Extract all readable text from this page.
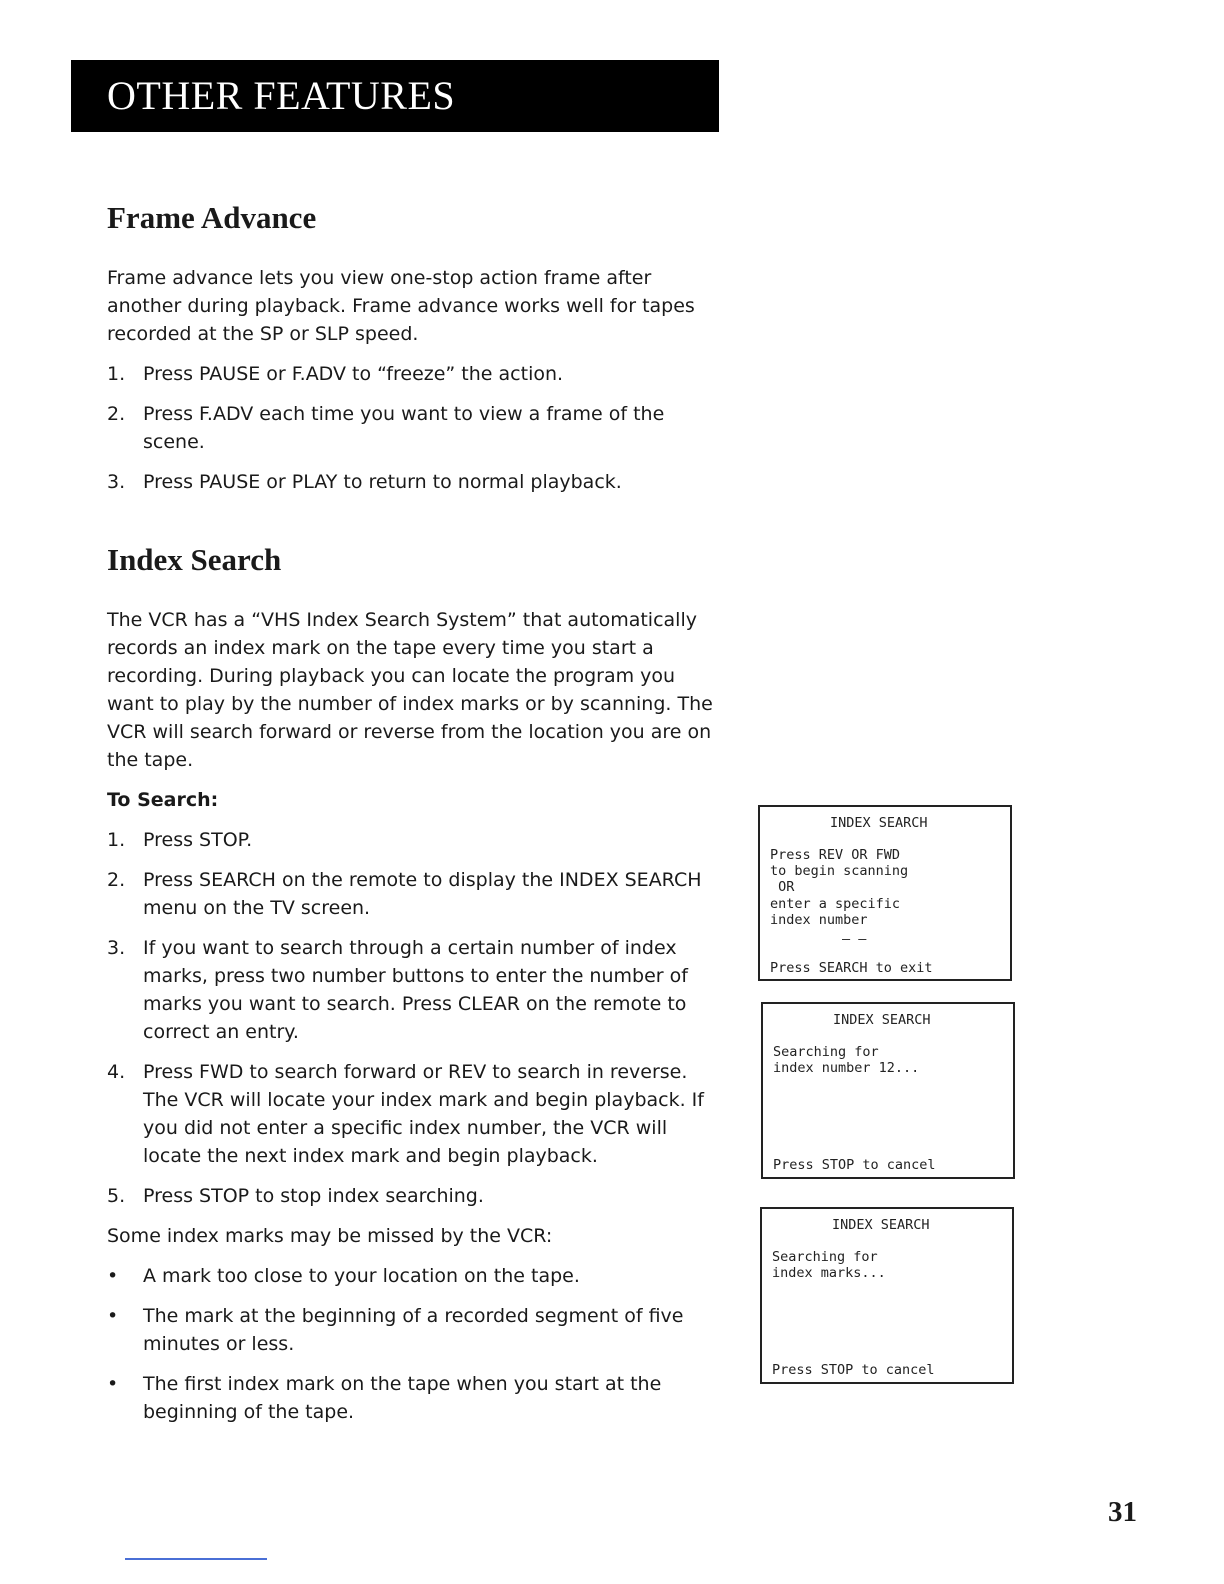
OTHER FEATURES
Frame Advance

Frame advance lets you view one-stop action frame after another during playback. Frame advance works well for tapes recorded at the SP or SLP speed.

1. Press PAUSE or F.ADV to “freeze” the action.
2. Press F.ADV each time you want to view a frame of the scene.
3. Press PAUSE or PLAY to return to normal playback.
Index Search

The VCR has a “VHS Index Search System” that automatically records an index mark on the tape every time you start a recording. During playback you can locate the program you want to play by the number of index marks or by scanning. The VCR will search forward or reverse from the location you are on the tape.

To Search:
1. Press STOP.
2. Press SEARCH on the remote to display the INDEX SEARCH menu on the TV screen.
3. If you want to search through a certain number of index marks, press two number buttons to enter the number of marks you want to search. Press CLEAR on the remote to correct an entry.
4. Press FWD to search forward or REV to search in reverse. The VCR will locate your index mark and begin playback. If you did not enter a specific index number, the VCR will locate the next index mark and begin playback.
5. Press STOP to stop index searching.

Some index marks may be missed by the VCR:

• A mark too close to your location on the tape.
• The mark at the beginning of a recorded segment of five minutes or less.
• The first index mark on the tape when you start at the beginning of the tape.
INDEX SEARCH
Press REV OR FWD
to begin scanning
OR
enter a specific
index number
– –
Press SEARCH to exit
INDEX SEARCH
Searching for
index number 12...
Press STOP to cancel
INDEX SEARCH
Searching for
index marks...
Press STOP to cancel
31
